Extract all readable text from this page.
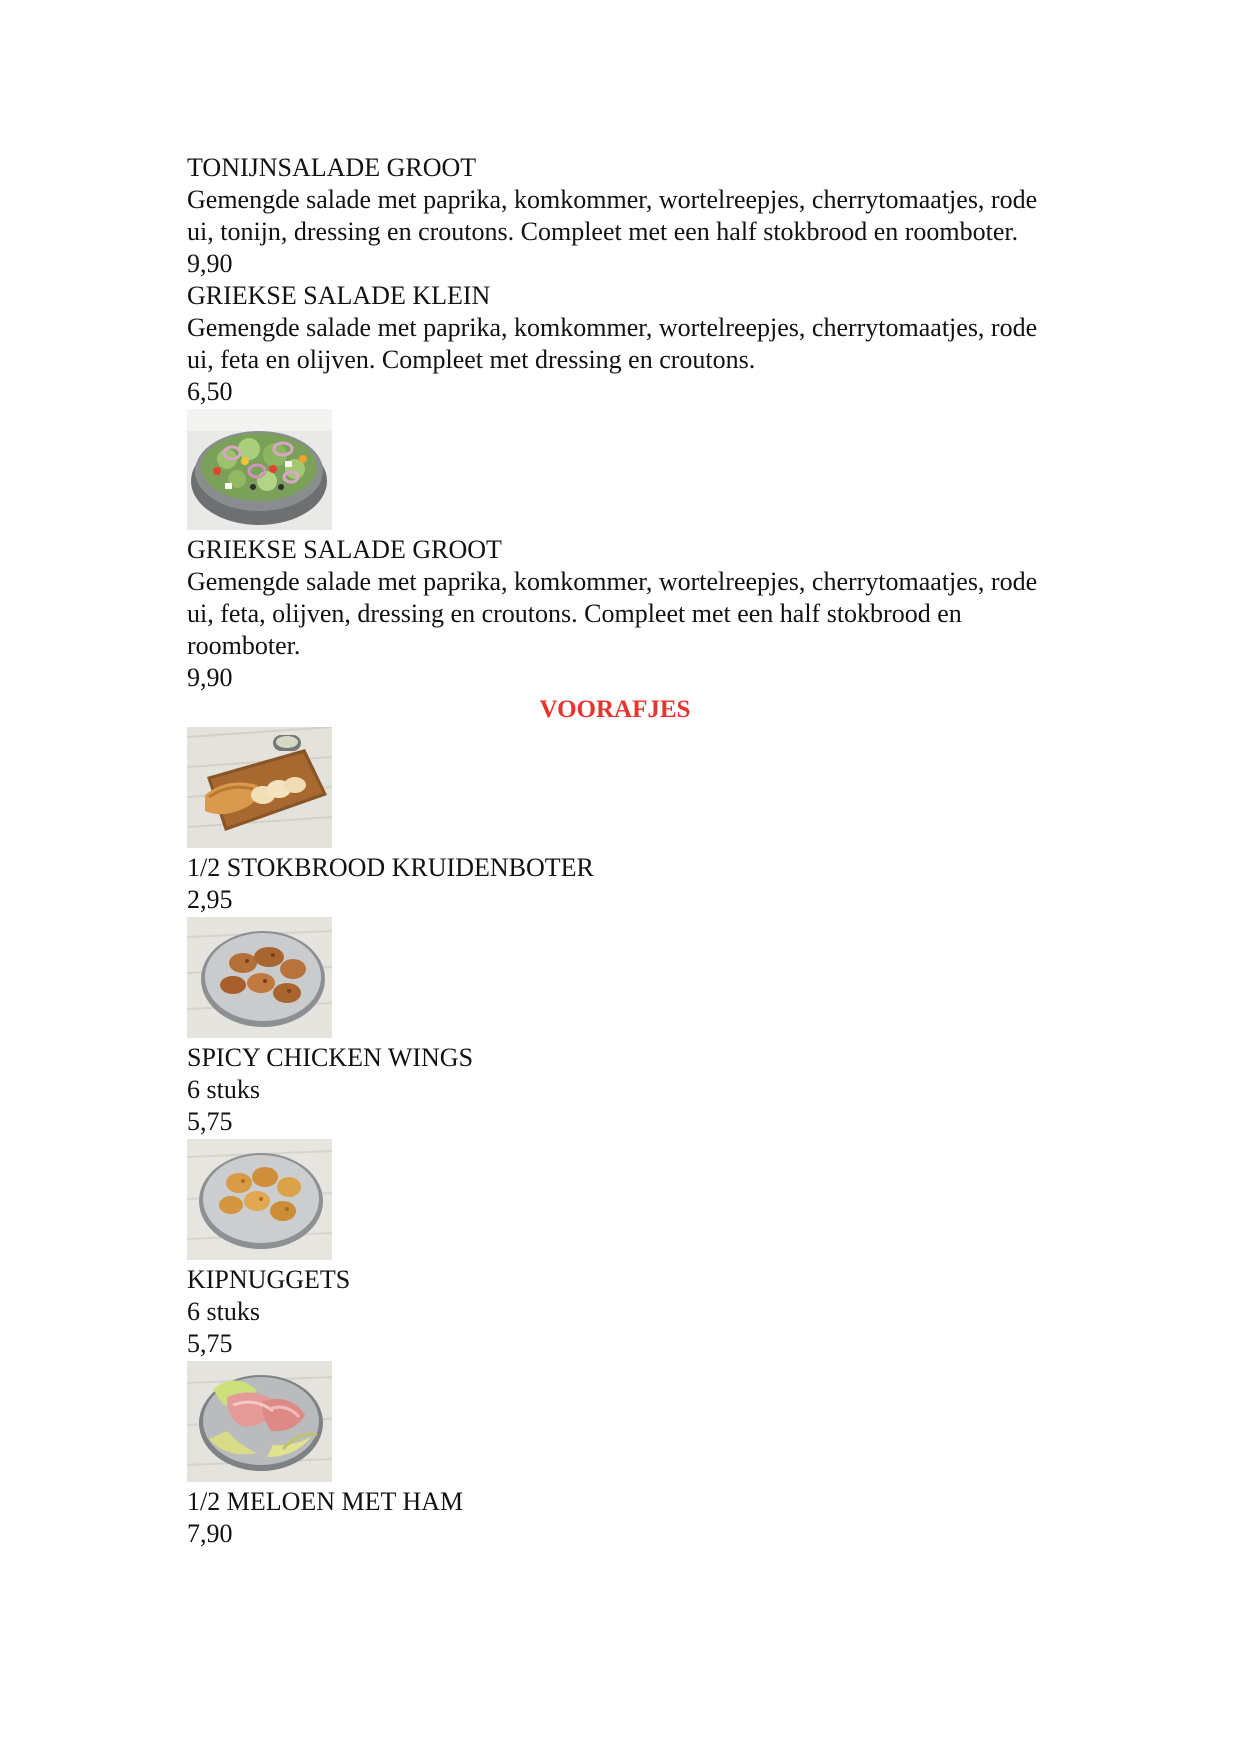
TONIJNSALADE GROOT
Gemengde salade met paprika, komkommer, wortelreepjes, cherrytomaatjes, rode ui, tonijn, dressing en croutons. Compleet met een half stokbrood en roomboter.
9,90
GRIEKSE SALADE KLEIN
Gemengde salade met paprika, komkommer, wortelreepjes, cherrytomaatjes, rode ui, feta en olijven. Compleet met dressing en croutons.
6,50
GRIEKSE SALADE GROOT
Gemengde salade met paprika, komkommer, wortelreepjes, cherrytomaatjes, rode ui, feta, olijven, dressing en croutons. Compleet met een half stokbrood en roomboter.
9,90
VOORAFJES
1/2 STOKBROOD KRUIDENBOTER
2,95
SPICY CHICKEN WINGS
6 stuks
5,75
KIPNUGGETS
6 stuks
5,75
1/2 MELOEN MET HAM
7,90
